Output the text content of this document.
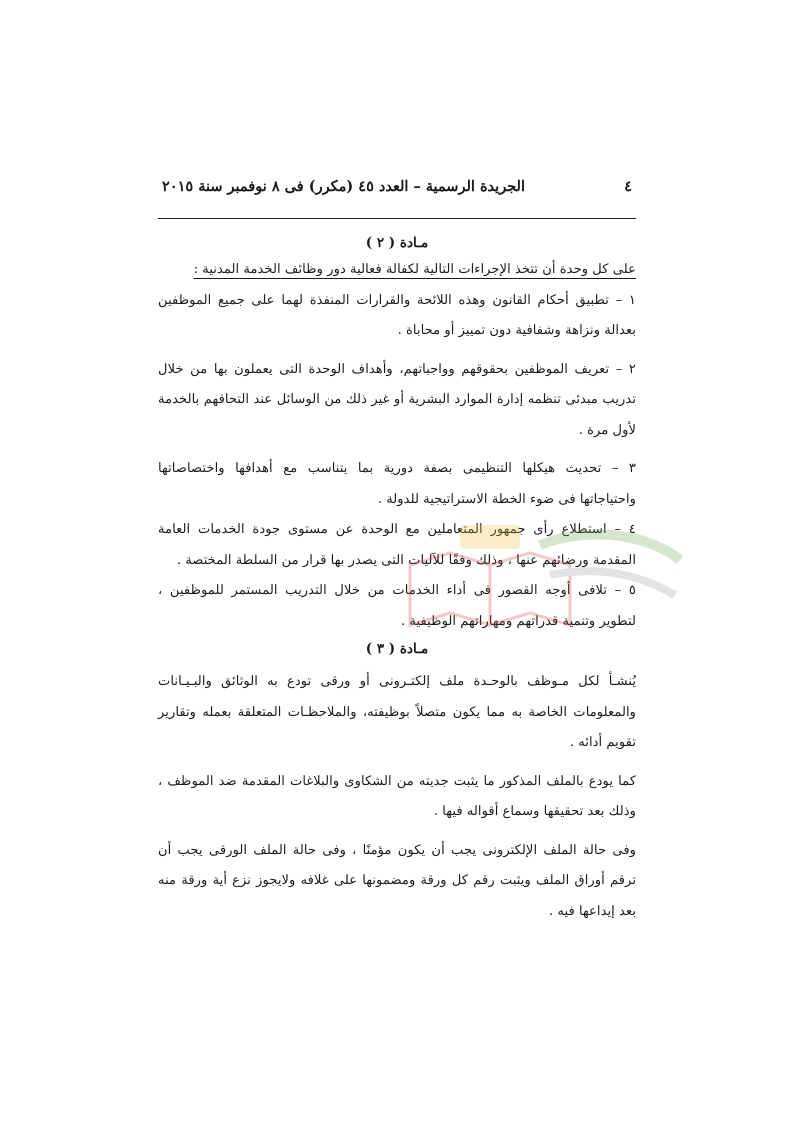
٤
الجريدة الرسمية – العدد ٤٥ (مكرر) فى ٨ نوفمبر سنة ٢٠١٥
مـادة ( ٢ )

على كل وحدة أن تتخذ الإجراءات التالية لكفالة فعالية دور وظائف الخدمة المدنية :

١ – تطبيق أحكام القانون وهذه اللائحة والقرارات المنفذة لهما على جميع الموظفين

بعدالة ونزاهة وشفافية دون تمييز أو محاباة .

٢ – تعريف الموظفين بحقوقهم وواجباتهم، وأهداف الوحدة التى يعملون بها من خلال

تدريب مبدئى تنظمه إدارة الموارد البشرية أو غير ذلك من الوسائل عند التحاقهم بالخدمة

لأول مرة .

٣ – تحديث هيكلها التنظيمى بصفة دورية بما يتناسب مع أهدافها واختصاصاتها

واحتياجاتها فى ضوء الخطة الاستراتيجية للدولة .

٤ – استطلاع رأى جمهور المتعاملين مع الوحدة عن مستوى جودة الخدمات العامة

المقدمة ورضائهم عنها ، وذلك وفقًا للآليات التى يصدر بها قرار من السلطة المختصة .

٥ – تلافى أوجه القصور فى أداء الخدمات من خلال التدريب المستمر للموظفين ،

لتطوير وتنمية قدراتهم ومهاراتهم الوظيفية .

مـادة ( ٣ )

يُنشـأ لكل مـوظف بالوحـدة ملف إلكتـرونى أو ورقى تودع به الوثائق والبـيـانات

والمعلومات الخاصة به مما يكون متصلاً بوظيفته، والملاحظـات المتعلقة بعمله وتقارير

تقويم أدائه .

كما يودع بالملف المذكور ما يثبت جديته من الشكاوى والبلاغات المقدمة ضد الموظف ،

وذلك بعد تحقيقها وسماع أقواله فيها .

وفى حالة الملف الإلكترونى يجب أن يكون مؤمنًا ، وفى حالة الملف الورقى يجب أن

ترقم أوراق الملف ويثبت رقم كل ورقة ومضمونها على غلافه ولايجوز نزع أية ورقة منه

بعد إيداعها فيه .
